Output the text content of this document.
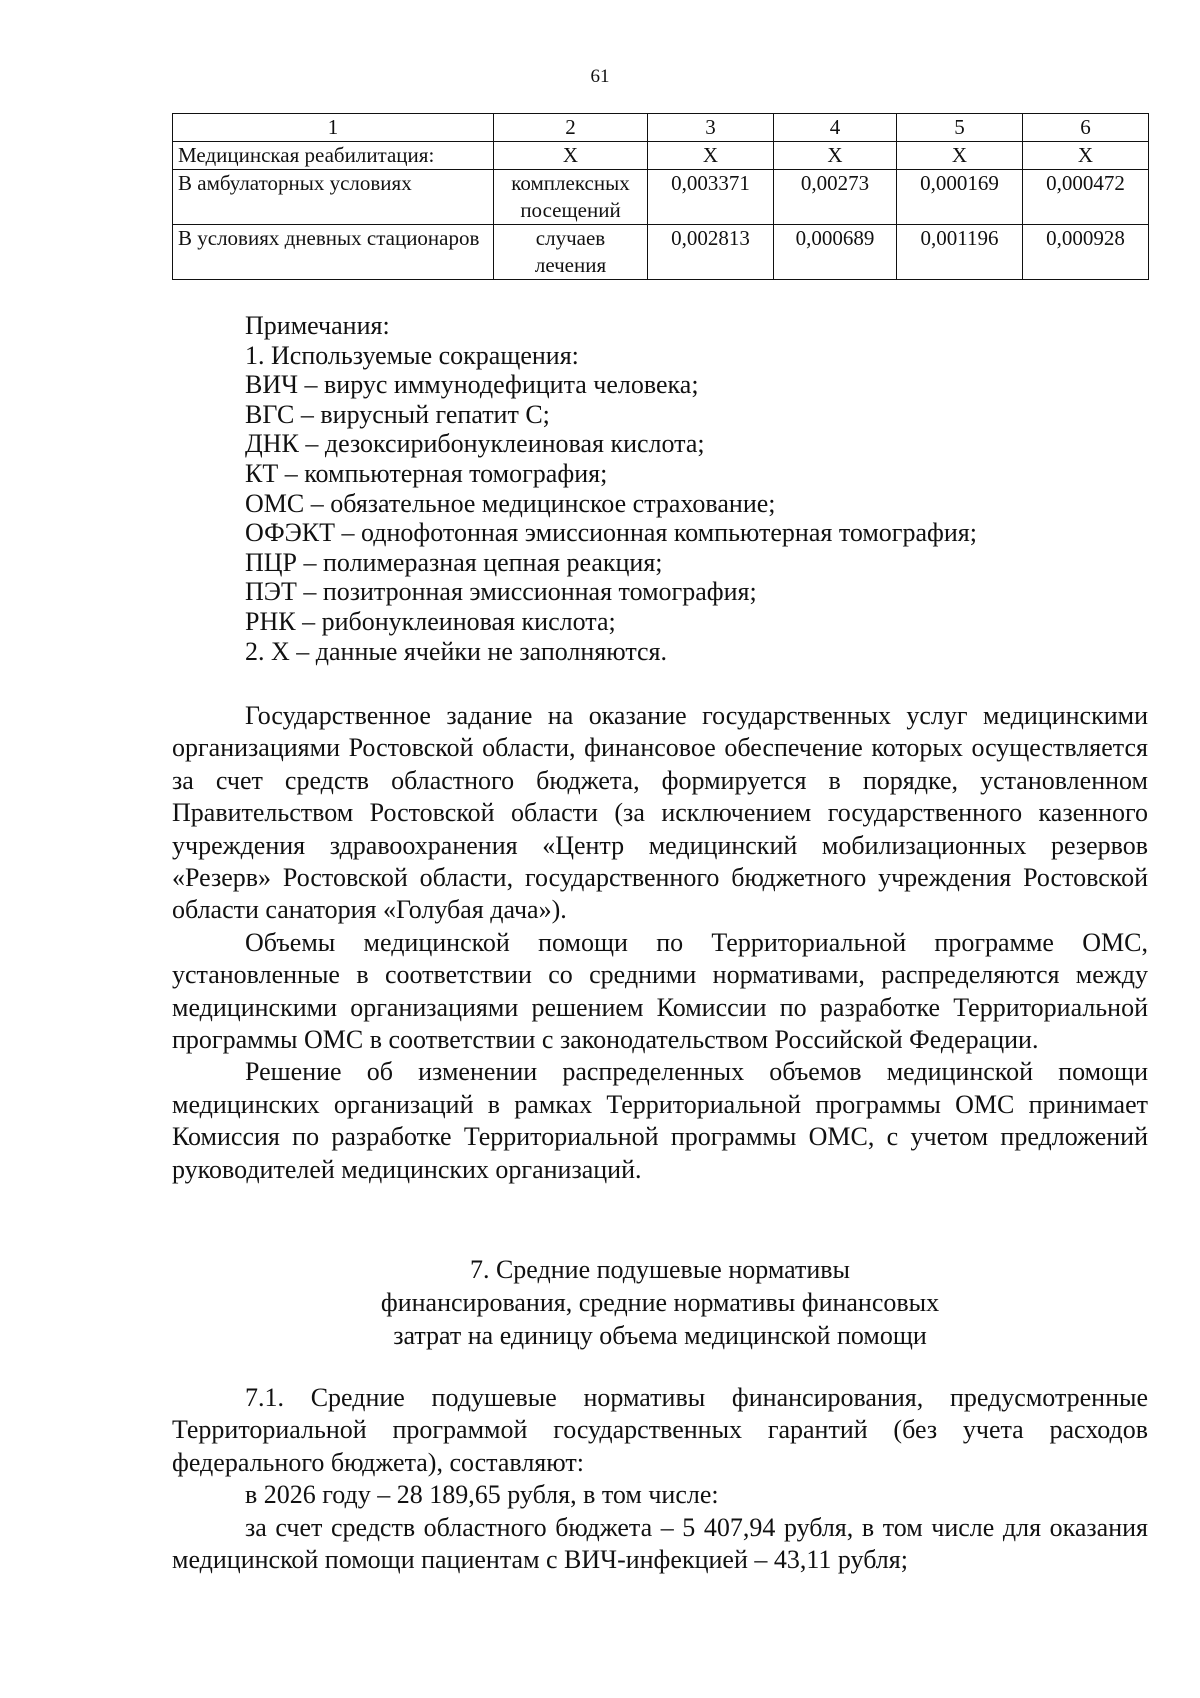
61
1	2	3	4	5	6
Медицинская реабилитация:	Х	Х	Х	Х	Х
В амбулаторных условиях	комплексных посещений	0,003371	0,00273	0,000169	0,000472
В условиях дневных стационаров	случаев лечения	0,002813	0,000689	0,001196	0,000928
Примечания:
1. Используемые сокращения:
ВИЧ – вирус иммунодефицита человека;
ВГС – вирусный гепатит С;
ДНК – дезоксирибонуклеиновая кислота;
КТ – компьютерная томография;
ОМС – обязательное медицинское страхование;
ОФЭКТ – однофотонная эмиссионная компьютерная томография;
ПЦР – полимеразная цепная реакция;
ПЭТ – позитронная эмиссионная томография;
РНК – рибонуклеиновая кислота;
2. Х – данные ячейки не заполняются.

Государственное задание на оказание государственных услуг медицинскими организациями Ростовской области, финансовое обеспечение которых осуществляется за счет средств областного бюджета, формируется в порядке, установленном Правительством Ростовской области (за исключением государственного казенного учреждения здравоохранения «Центр медицинский мобилизационных резервов «Резерв» Ростовской области, государственного бюджетного учреждения Ростовской области санатория «Голубая дача»).

Объемы медицинской помощи по Территориальной программе ОМС, установленные в соответствии со средними нормативами, распределяются между медицинскими организациями решением Комиссии по разработке Территориальной программы ОМС в соответствии с законодательством Российской Федерации.

Решение об изменении распределенных объемов медицинской помощи медицинских организаций в рамках Территориальной программы ОМС принимает Комиссия по разработке Территориальной программы ОМС, с учетом предложений руководителей медицинских организаций.

7. Средние подушевые нормативы
финансирования, средние нормативы финансовых
затрат на единицу объема медицинской помощи

7.1. Средние подушевые нормативы финансирования, предусмотренные Территориальной программой государственных гарантий (без учета расходов федерального бюджета), составляют:

в 2026 году – 28 189,65 рубля, в том числе:

за счет средств областного бюджета – 5 407,94 рубля, в том числе для оказания медицинской помощи пациентам с ВИЧ-инфекцией – 43,11 рубля;
